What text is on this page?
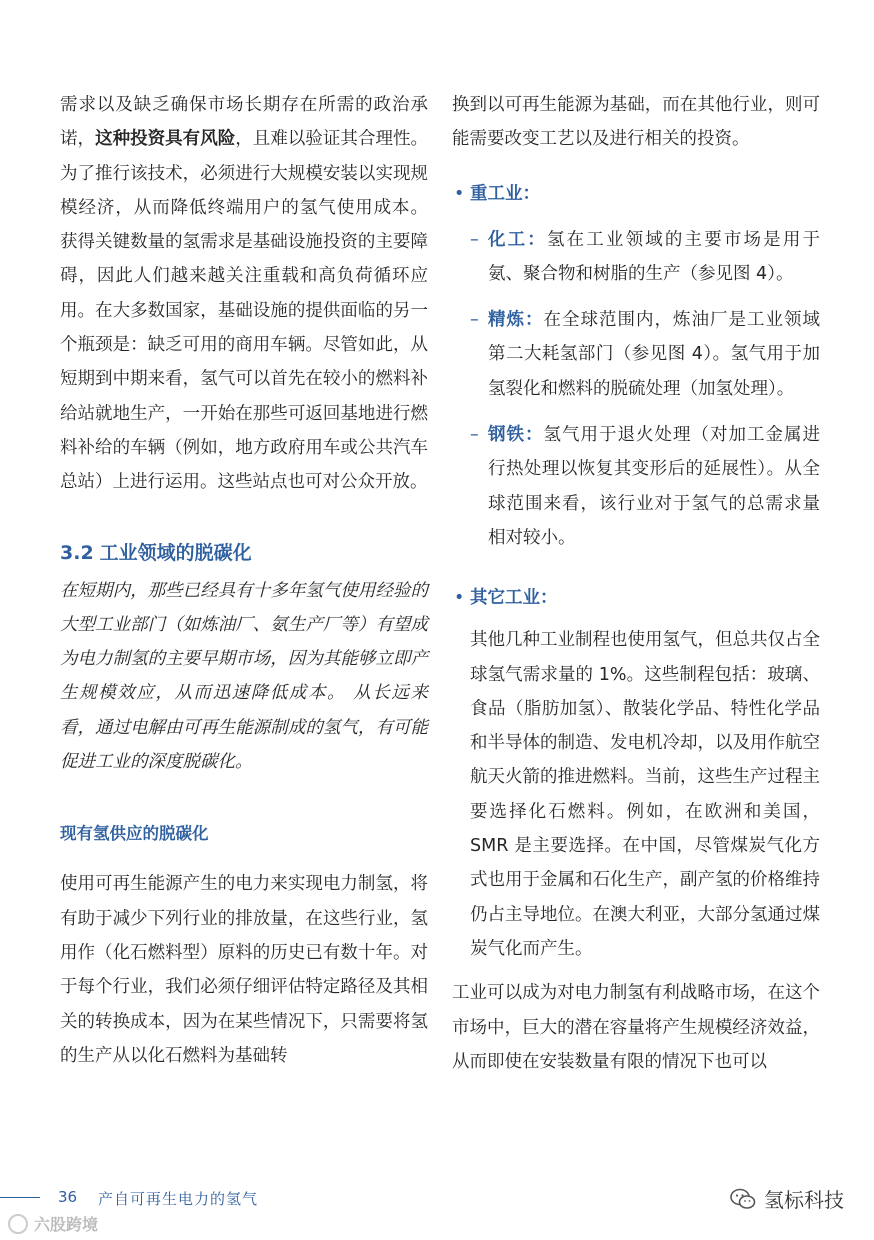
需求以及缺乏确保市场长期存在所需的政治承诺，这种投资具有风险，且难以验证其合理性。为了推行该技术，必须进行大规模安装以实现规模经济，从而降低终端用户的氢气使用成本。 获得关键数量的氢需求是基础设施投资的主要障碍，因此人们越来越关注重载和高负荷循环应用。在大多数国家，基础设施的提供面临的另一个瓶颈是：缺乏可用的商用车辆。尽管如此，从短期到中期来看，氢气可以首先在较小的燃料补给站就地生产，一开始在那些可返回基地进行燃料补给的车辆（例如，地方政府用车或公共汽车总站）上进行运用。这些站点也可对公众开放。

3.2 工业领域的脱碳化

在短期内，那些已经具有十多年氢气使用经验的大型工业部门（如炼油厂、氨生产厂等）有望成为电力制氢的主要早期市场，因为其能够立即产生规模效应，从而迅速降低成本。 从长远来看，通过电解由可再生能源制成的氢气，有可能促进工业的深度脱碳化。

现有氢供应的脱碳化

使用可再生能源产生的电力来实现电力制氢，将有助于减少下列行业的排放量，在这些行业，氢用作（化石燃料型）原料的历史已有数十年。对于每个行业，我们必须仔细评估特定路径及其相关的转换成本，因为在某些情况下，只需要将氢的生产从以化石燃料为基础转

换到以可再生能源为基础，而在其他行业，则可能需要改变工艺以及进行相关的投资。

• 重工业：

– 化工：氢在工业领域的主要市场是用于氨、聚合物和树脂的生产（参见图 4）。

– 精炼：在全球范围内，炼油厂是工业领域第二大耗氢部门（参见图 4）。氢气用于加氢裂化和燃料的脱硫处理（加氢处理）。

– 钢铁：氢气用于退火处理（对加工金属进行热处理以恢复其变形后的延展性）。从全球范围来看，该行业对于氢气的总需求量相对较小。

• 其它工业：

其他几种工业制程也使用氢气，但总共仅占全球氢气需求量的 1%。这些制程包括：玻璃、食品（脂肪加氢）、散装化学品、特性化学品和半导体的制造、发电机冷却，以及用作航空航天火箭的推进燃料。当前，这些生产过程主要选择化石燃料。例如，在欧洲和美国，SMR 是主要选择。在中国，尽管煤炭气化方式也用于金属和石化生产，副产氢的价格维持仍占主导地位。在澳大利亚，大部分氢通过煤炭气化而产生。

工业可以成为对电力制氢有利战略市场，在这个市场中，巨大的潜在容量将产生规模经济效益，从而即使在安装数量有限的情况下也可以

36 产自可再生电力的氢气	氢标科技
六股跨境
